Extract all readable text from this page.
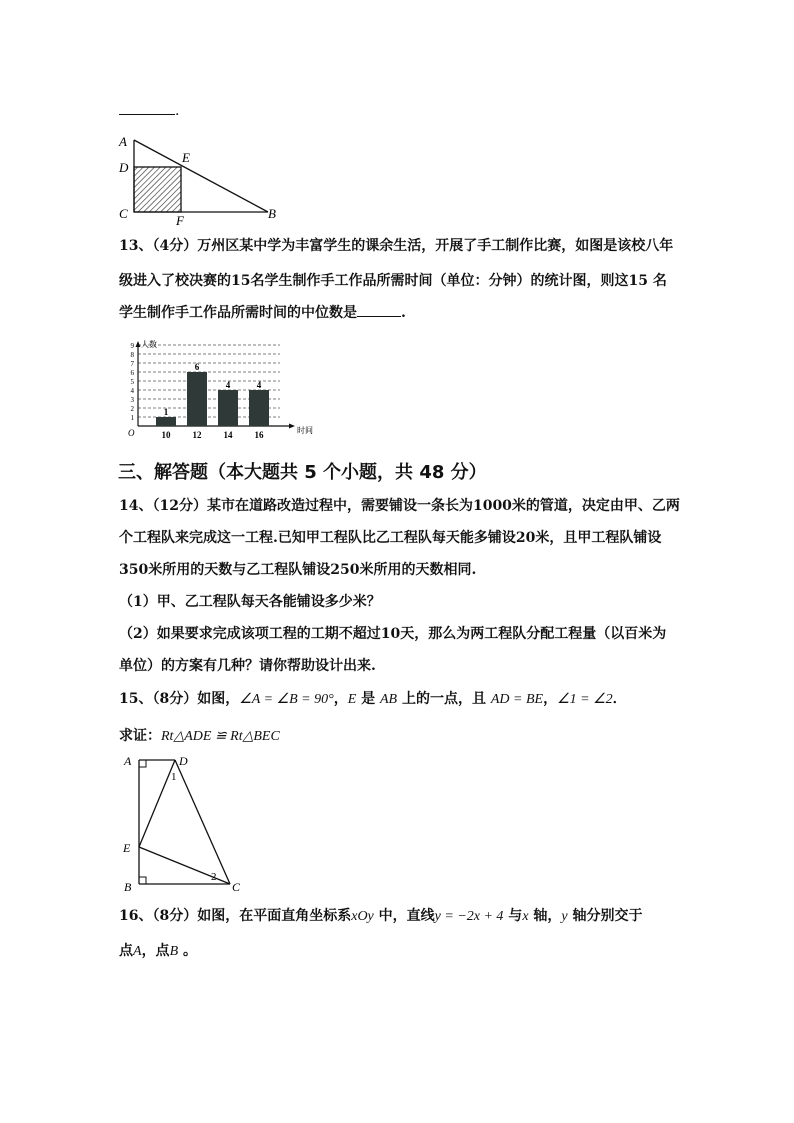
.
A
D
E
C	F	B
13、（4分）万州区某中学为丰富学生的课余生活，开展了手工制作比赛，如图是该校八年
级进入了校决赛的15名学生制作手工作品所需时间（单位：分钟）的统计图，则这15 名
学生制作手工作品所需时间的中位数是	.
1
2
3
4
5
6
7
8
9 人数
时间
O
1
10
6
12
4
14
4
16
三、解答题（本大题共 5 个小题，共 48 分）
14、（12分）某市在道路改造过程中，需要铺设一条长为1000米的管道，决定由甲、乙两
个工程队来完成这一工程.已知甲工程队比乙工程队每天能多铺设20米，且甲工程队铺设
350米所用的天数与乙工程队铺设250米所用的天数相同.
（1）甲、乙工程队每天各能铺设多少米？
（2）如果要求完成该项工程的工期不超过10天，那么为两工程队分配工程量（以百米为
单位）的方案有几种？请你帮助设计出来.
15、（8分）如图，∠A = ∠B = 90°，E 是 AB 上的一点，且 AD = BE，∠1 = ∠2．
求证：Rt△ADE ≌ Rt△BEC
A	D
1
E
B
2
C
16、（8分）如图，在平面直角坐标系xOy 中，直线y = −2x + 4 与x 轴，y 轴分别交于
点A，点B 。
